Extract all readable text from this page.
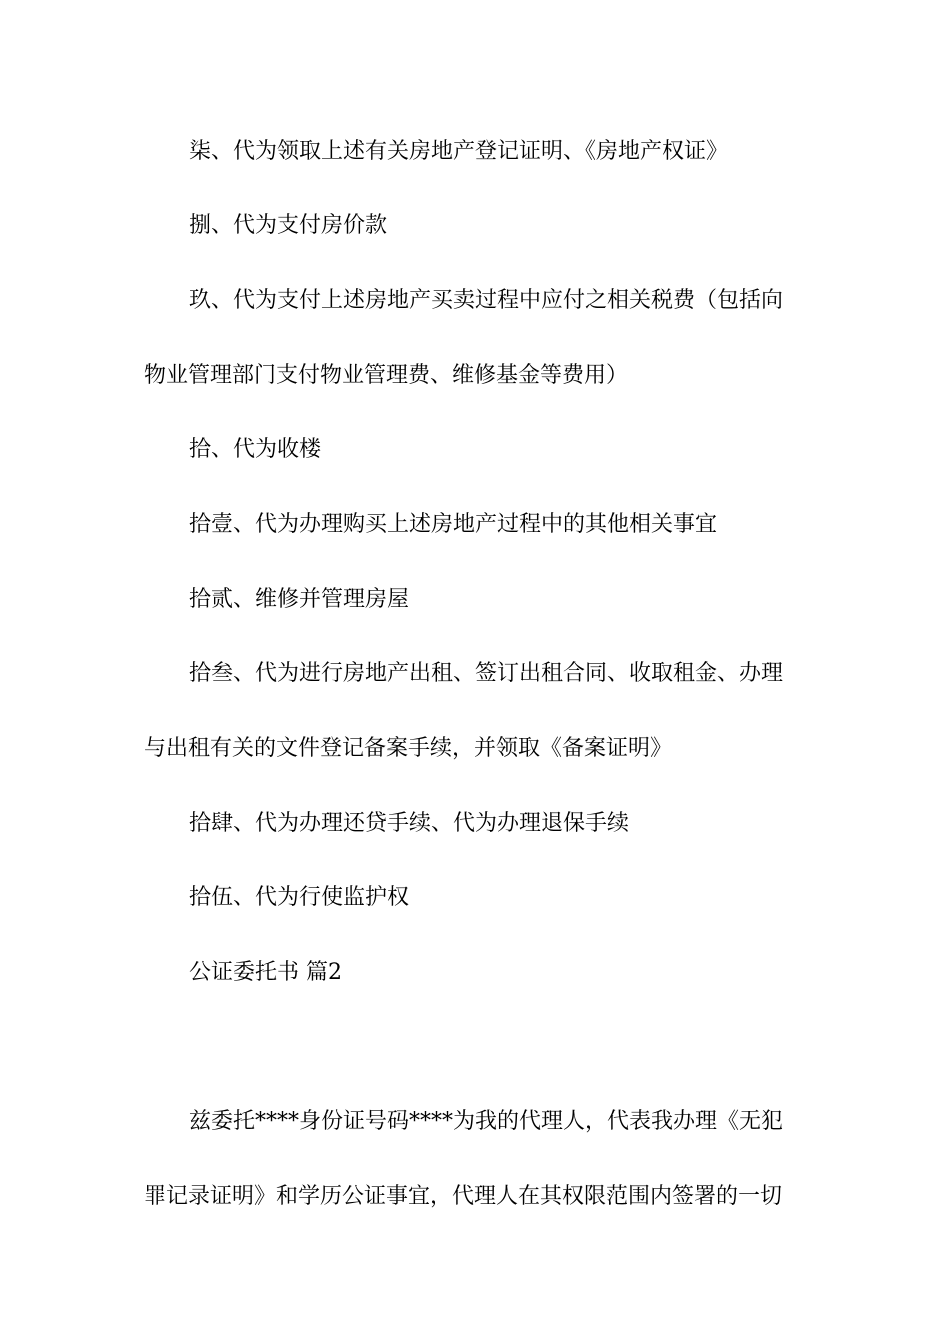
柒、代为领取上述有关房地产登记证明、《房地产权证》

捌、代为支付房价款

玖、代为支付上述房地产买卖过程中应付之相关税费（包括向

物业管理部门支付物业管理费、维修基金等费用）

拾、代为收楼

拾壹、代为办理购买上述房地产过程中的其他相关事宜

拾贰、维修并管理房屋

拾叁、代为进行房地产出租、签订出租合同、收取租金、办理

与出租有关的文件登记备案手续，并领取《备案证明》

拾肆、代为办理还贷手续、代为办理退保手续

拾伍、代为行使监护权

公证委托书 篇2

兹委托****身份证号码****为我的代理人，代表我办理《无犯

罪记录证明》和学历公证事宜，代理人在其权限范围内签署的一切
